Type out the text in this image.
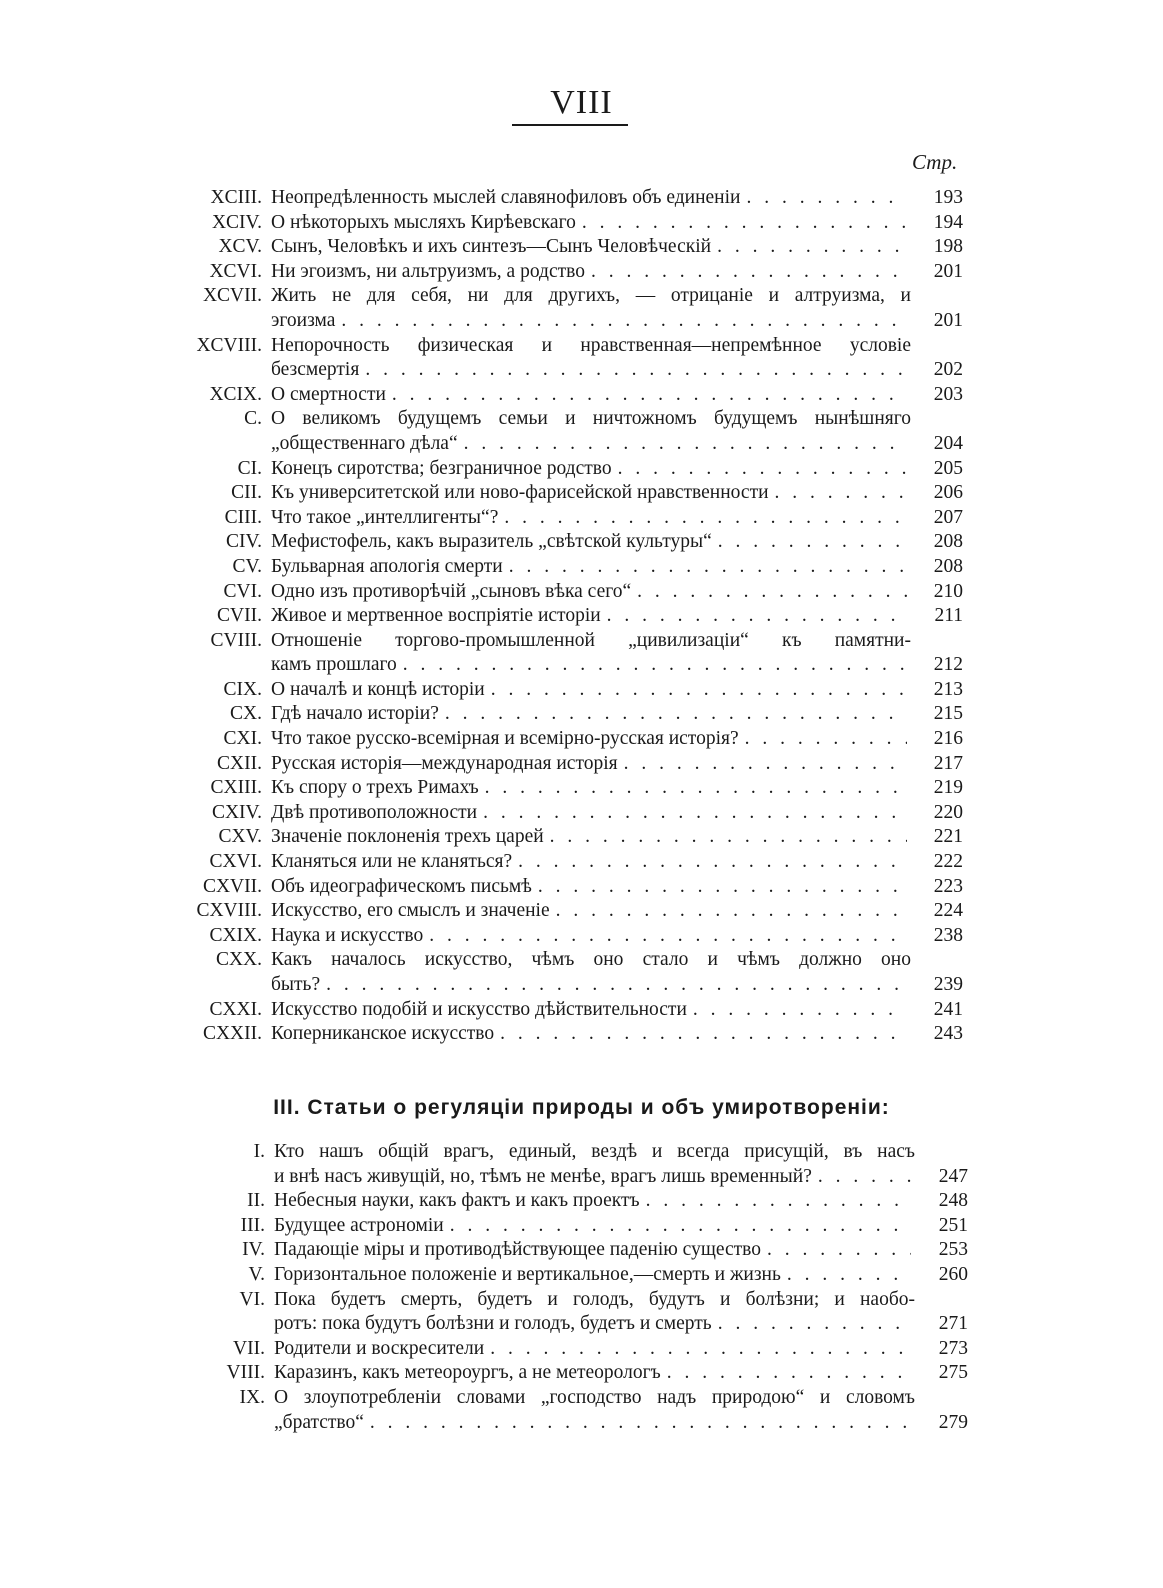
VIII
Стр.
XCIII. Неопредѣленность мыслей славянофиловъ объ единеніи . . .	193
XCIV. О нѣкоторыхъ мысляхъ Кирѣевскаго . . .	194
XCV. Сынъ, Человѣкъ и ихъ синтезъ—Сынъ Человѣческій . . .	198
XCVI. Ни эгоизмъ, ни альтруизмъ, а родство . . .	201
XCVII. Жить не для себя, ни для другихъ, — отрицаніе и алтруизма, и
эгоизма . . .	201
XCVIII. Непорочность физическая и нравственная—непремѣнное условіе
безсмертія . . .	202
XCIX. О смертности . . .	203
C. О великомъ будущемъ семьи и ничтожномъ будущемъ нынѣшняго
„общественнаго дѣла“ . . .	204
CI. Конецъ сиротства; безграничное родство . . .	205
CII. Къ университетской или ново-фарисейской нравственности . . .	206
CIII. Что такое „интеллигенты“? . . .	207
CIV. Мефистофель, какъ выразитель „свѣтской культуры“ . . .	208
CV. Бульварная апологія смерти . . .	208
CVI. Одно изъ противорѣчій „сыновъ вѣка сего“ . . .	210
CVII. Живое и мертвенное воспріятіе исторіи . . .	211
CVIII. Отношеніе торгово-промышленной „цивилизаціи“ къ памятни-
камъ прошлаго . . .	212
CIX. О началѣ и концѣ исторіи . . .	213
CX. Гдѣ начало исторіи? . . .	215
CXI. Что такое русско-всемірная и всемірно-русская исторія? . . .	216
CXII. Русская исторія—международная исторія . . .	217
CXIII. Къ спору о трехъ Римахъ . . .	219
CXIV. Двѣ противоположности . . .	220
CXV. Значеніе поклоненія трехъ царей . . .	221
CXVI. Кланяться или не кланяться? . . .	222
CXVII. Объ идеографическомъ письмѣ . . .	223
CXVIII. Искусство, его смыслъ и значеніе . . .	224
CXIX. Наука и искусство . . .	238
CXX. Какъ началось искусство, чѣмъ оно стало и чѣмъ должно оно
быть? . . .	239
CXXI. Искусство подобій и искусство дѣйствительности . . .	241
CXXII. Коперниканское искусство . . .	243
III. Статьи о регуляціи природы и объ умиротвореніи:
I. Кто нашъ общій врагъ, единый, вездѣ и всегда присущій, въ насъ
и внѣ насъ живущій, но, тѣмъ не менѣе, врагъ лишь временный? . . .	247
II. Небесныя науки, какъ фактъ и какъ проектъ . . .	248
III. Будущее астрономіи . . .	251
IV. Падающіе міры и противодѣйствующее паденію существо . . .	253
V. Горизонтальное положеніе и вертикальное,—смерть и жизнь . . .	260
VI. Пока будетъ смерть, будетъ и голодъ, будутъ и болѣзни; и наобо-
ротъ: пока будутъ болѣзни и голодъ, будетъ и смерть . . .	271
VII. Родители и воскресители . . .	273
VIII. Каразинъ, какъ метеороургъ, а не метеорологъ . . .	275
IX. О злоупотребленіи словами „господство надъ природою“ и словомъ
„братство“ . . .	279
